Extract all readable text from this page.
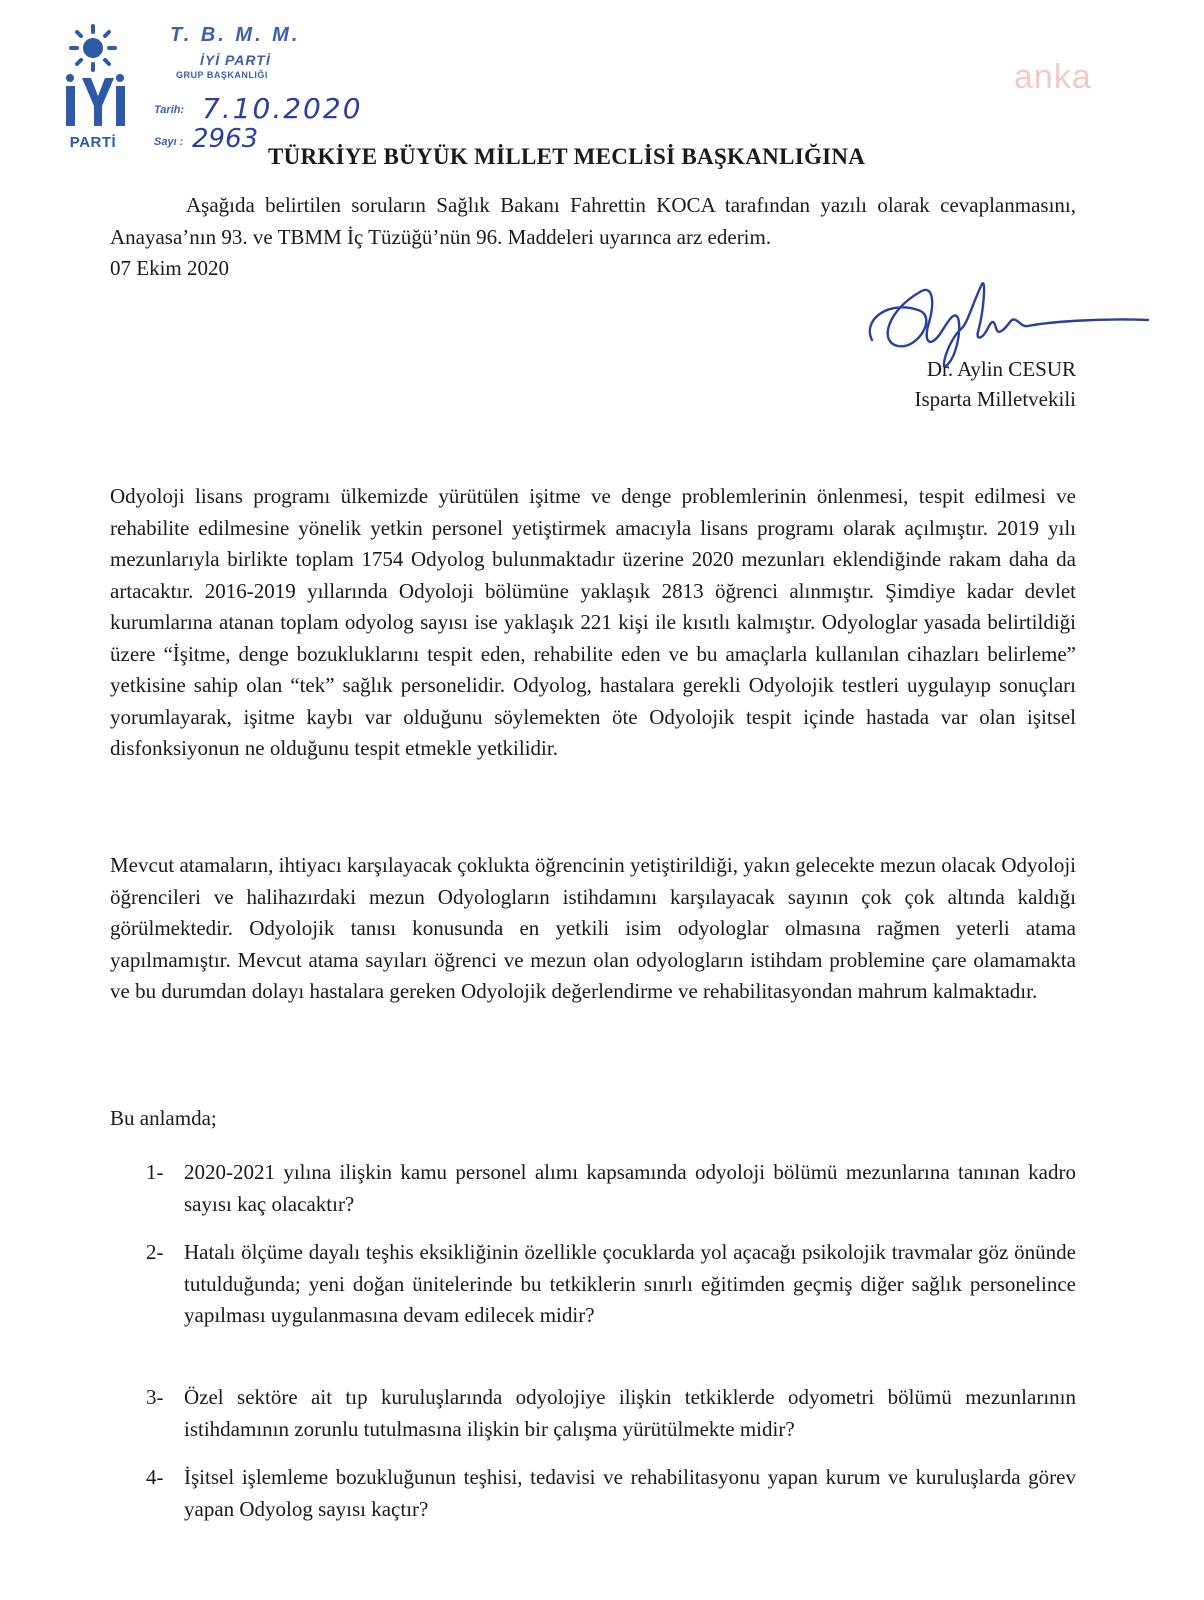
PARTİ
T. B. M. M.
İYİ PARTİ
GRUP BAŞKANLIĞI
Tarih: 7.10.2020
Sayı : 2963
anka
TÜRKİYE BÜYÜK MİLLET MECLİSİ BAŞKANLIĞINA

Aşağıda belirtilen soruların Sağlık Bakanı Fahrettin KOCA tarafından yazılı olarak cevaplanmasını, Anayasa’nın 93. ve TBMM İç Tüzüğü’nün 96. Maddeleri uyarınca arz ederim.

07 Ekim 2020

Dr. Aylin CESUR
Isparta Milletvekili

Odyoloji lisans programı ülkemizde yürütülen işitme ve denge problemlerinin önlenmesi, tespit edilmesi ve rehabilite edilmesine yönelik yetkin personel yetiştirmek amacıyla lisans programı olarak açılmıştır. 2019 yılı mezunlarıyla birlikte toplam 1754 Odyolog bulunmaktadır üzerine 2020 mezunları eklendiğinde rakam daha da artacaktır. 2016-2019 yıllarında Odyoloji bölümüne yaklaşık 2813 öğrenci alınmıştır. Şimdiye kadar devlet kurumlarına atanan toplam odyolog sayısı ise yaklaşık 221 kişi ile kısıtlı kalmıştır. Odyologlar yasada belirtildiği üzere “İşitme, denge bozukluklarını tespit eden, rehabilite eden ve bu amaçlarla kullanılan cihazları belirleme” yetkisine sahip olan “tek” sağlık personelidir. Odyolog, hastalara gerekli Odyolojik testleri uygulayıp sonuçları yorumlayarak, işitme kaybı var olduğunu söylemekten öte Odyolojik tespit içinde hastada var olan işitsel disfonksiyonun ne olduğunu tespit etmekle yetkilidir.

Mevcut atamaların, ihtiyacı karşılayacak çoklukta öğrencinin yetiştirildiği, yakın gelecekte mezun olacak Odyoloji öğrencileri ve halihazırdaki mezun Odyologların istihdamını karşılayacak sayının çok çok altında kaldığı görülmektedir. Odyolojik tanısı konusunda en yetkili isim odyologlar olmasına rağmen yeterli atama yapılmamıştır. Mevcut atama sayıları öğrenci ve mezun olan odyologların istihdam problemine çare olamamakta ve bu durumdan dolayı hastalara gereken Odyolojik değerlendirme ve rehabilitasyondan mahrum kalmaktadır.

Bu anlamda;

1- 2020-2021 yılına ilişkin kamu personel alımı kapsamında odyoloji bölümü mezunlarına tanınan kadro sayısı kaç olacaktır?
2- Hatalı ölçüme dayalı teşhis eksikliğinin özellikle çocuklarda yol açacağı psikolojik travmalar göz önünde tutulduğunda; yeni doğan ünitelerinde bu tetkiklerin sınırlı eğitimden geçmiş diğer sağlık personelince yapılması uygulanmasına devam edilecek midir?
3- Özel sektöre ait tıp kuruluşlarında odyolojiye ilişkin tetkiklerde odyometri bölümü mezunlarının istihdamının zorunlu tutulmasına ilişkin bir çalışma yürütülmekte midir?
4- İşitsel işlemleme bozukluğunun teşhisi, tedavisi ve rehabilitasyonu yapan kurum ve kuruluşlarda görev yapan Odyolog sayısı kaçtır?
